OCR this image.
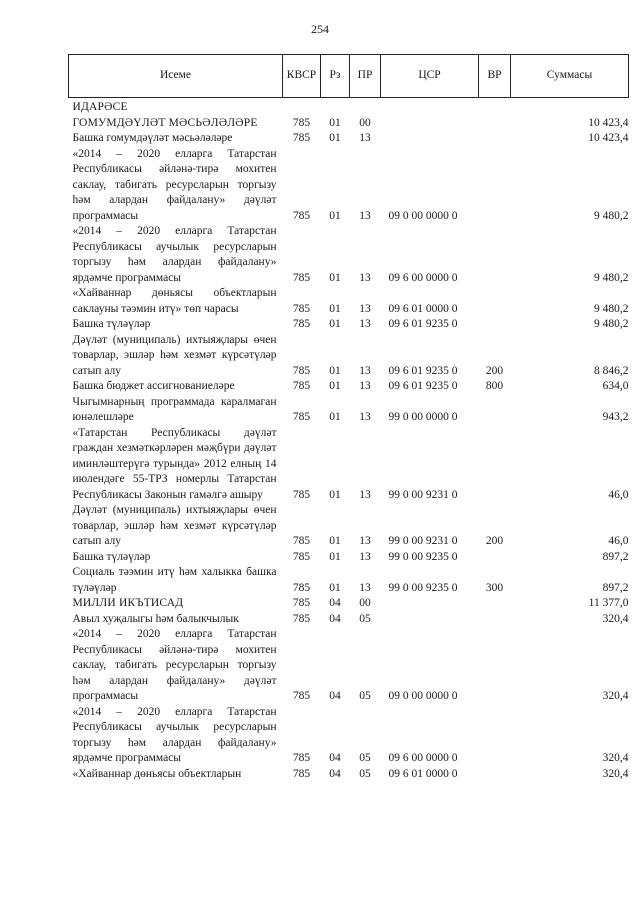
254
Исеме	КВСР	Рз	ПР	ЦСР	ВР	Суммасы
ИДАРӘСЕ						
ГОМУМДӘҮЛӘТ МӘСЬӘЛӘЛӘРЕ	785	01	00			10 423,4
Башка гомумдәүләт мәсьәләләре	785	01	13			10 423,4
«2014 – 2020 елларга Татарстан Республикасы әйләнә-тирә мохитен саклау, табигать ресурсларын торгызу һәм алардан файдалану» дәүләт программасы	785	01	13	09 0 00 0000 0		9 480,2
«2014 – 2020 елларга Татарстан Республикасы аучылык ресурсларын торгызу һәм алардан файдалану» ярдәмче программасы	785	01	13	09 6 00 0000 0		9 480,2
«Хайваннар дөньясы объектларын саклауны тәэмин итү» төп чарасы	785	01	13	09 6 01 0000 0		9 480,2
Башка түләүләр	785	01	13	09 6 01 9235 0		9 480,2
Дәүләт (муниципаль) ихтыяҗлары өчен товарлар, эшләр һәм хезмәт күрсәтүләр сатып алу	785	01	13	09 6 01 9235 0	200	8 846,2
Башка бюджет ассигнованиеләре	785	01	13	09 6 01 9235 0	800	634,0
Чыгымнарның программада каралмаган юнәлешләре	785	01	13	99 0 00 0000 0		943,2
«Татарстан Республикасы дәүләт граждан хезмәткәрләрен мәҗбүри дәүләт иминләштерүгә турында» 2012 елның 14 июлендәге 55-ТРЗ номерлы Татарстан Республикасы Законын гамәлгә ашыру	785	01	13	99 0 00 9231 0		46,0
Дәүләт (муниципаль) ихтыяҗлары өчен товарлар, эшләр һәм хезмәт күрсәтүләр сатып алу	785	01	13	99 0 00 9231 0	200	46,0
Башка түләүләр	785	01	13	99 0 00 9235 0		897,2
Социаль тәэмин итү һәм халыкка башка түләүләр	785	01	13	99 0 00 9235 0	300	897,2
МИЛЛИ ИКЪТИСАД	785	04	00			11 377,0
Авыл хуҗалыгы һәм балыкчылык	785	04	05			320,4
«2014 – 2020 елларга Татарстан Республикасы әйләнә-тирә мохитен саклау, табигать ресурсларын торгызу һәм алардан файдалану» дәүләт программасы	785	04	05	09 0 00 0000 0		320,4
«2014 – 2020 елларга Татарстан Республикасы аучылык ресурсларын торгызу һәм алардан файдалану» ярдәмче программасы	785	04	05	09 6 00 0000 0		320,4
«Хайваннар дөньясы объектларын	785	04	05	09 6 01 0000 0		320,4
